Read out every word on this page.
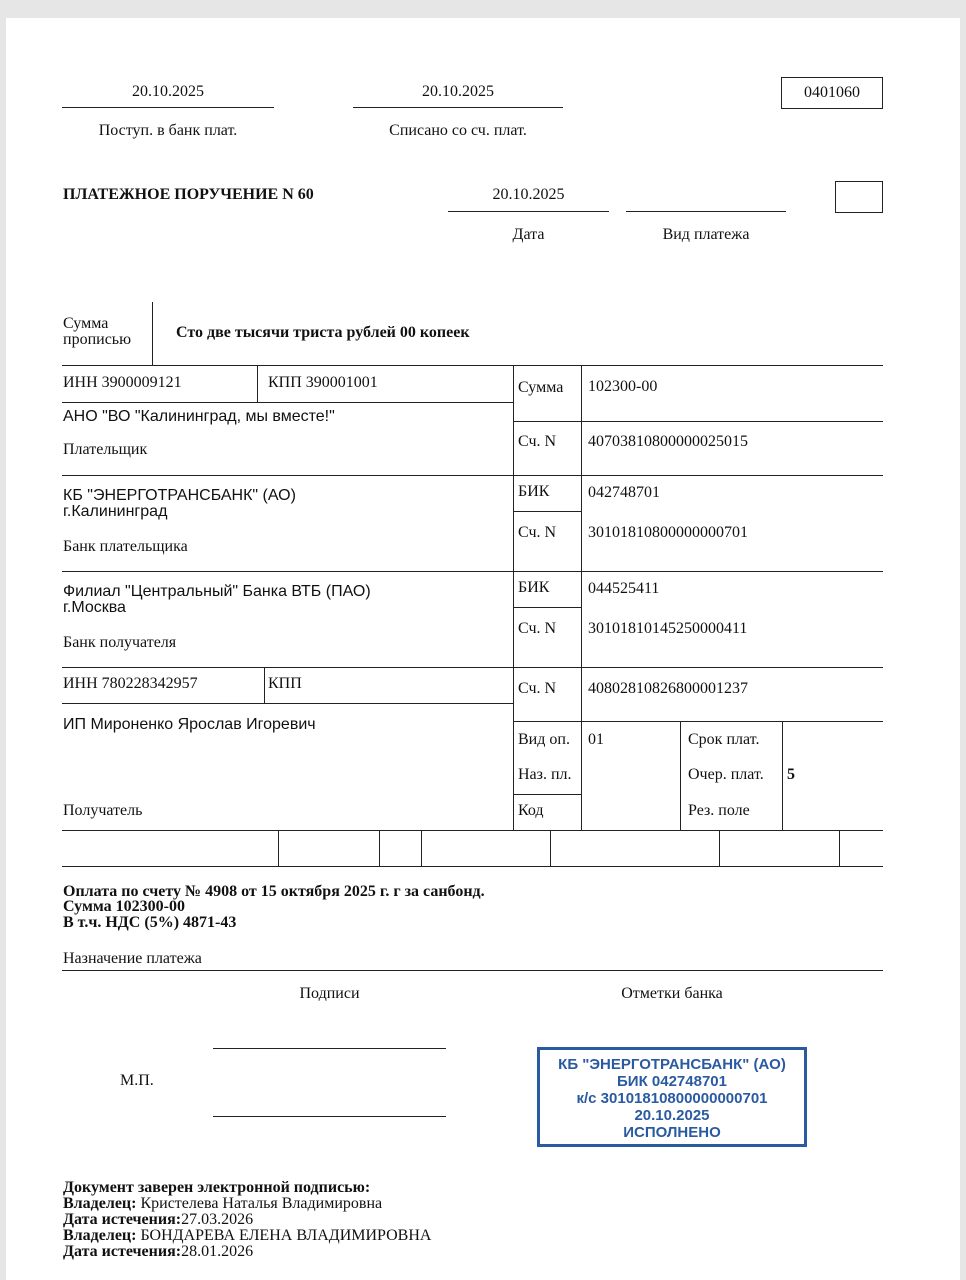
20.10.2025
Поступ. в банк плат.
20.10.2025
Списано со сч. плат.
0401060
ПЛАТЕЖНОЕ ПОРУЧЕНИЕ N 60	20.10.2025
Дата	Вид платежа
Сумма
прописью	Сто две тысячи триста рублей 00 копеек
ИНН 3900009121	КПП 390001001
АНО "ВО "Калининград, мы вместе!"
Плательщик
КБ "ЭНЕРГОТРАНСБАНК" (АО)
г.Калининград
Банк плательщика
Филиал "Центральный" Банка ВТБ (ПАО)
г.Москва
Банк получателя
ИНН 780228342957	КПП
ИП Мироненко Ярослав Игоревич
Получатель
Сумма 102300-00
Сч. N 40703810800000025015
БИК 042748701
Сч. N 30101810800000000701
БИК 044525411
Сч. N 30101810145250000411
Сч. N 40802810826800001237
Вид оп. 01
Наз. пл.
Код
Срок плат.
Очер. плат. 5
Рез. поле
Оплата по счету № 4908 от 15 октября 2025 г. г за санбонд.
Сумма 102300-00
В т.ч. НДС (5%) 4871-43
Назначение платежа
Подписи	Отметки банка
М.П.
КБ "ЭНЕРГОТРАНСБАНК" (АО)
БИК 042748701
к/с 30101810800000000701
20.10.2025
ИСПОЛНЕНО
Документ заверен электронной подписью:
Владелец: Кристелева Наталья Владимировна
Дата истечения:27.03.2026
Владелец: БОНДАРЕВА ЕЛЕНА ВЛАДИМИРОВНА
Дата истечения:28.01.2026
